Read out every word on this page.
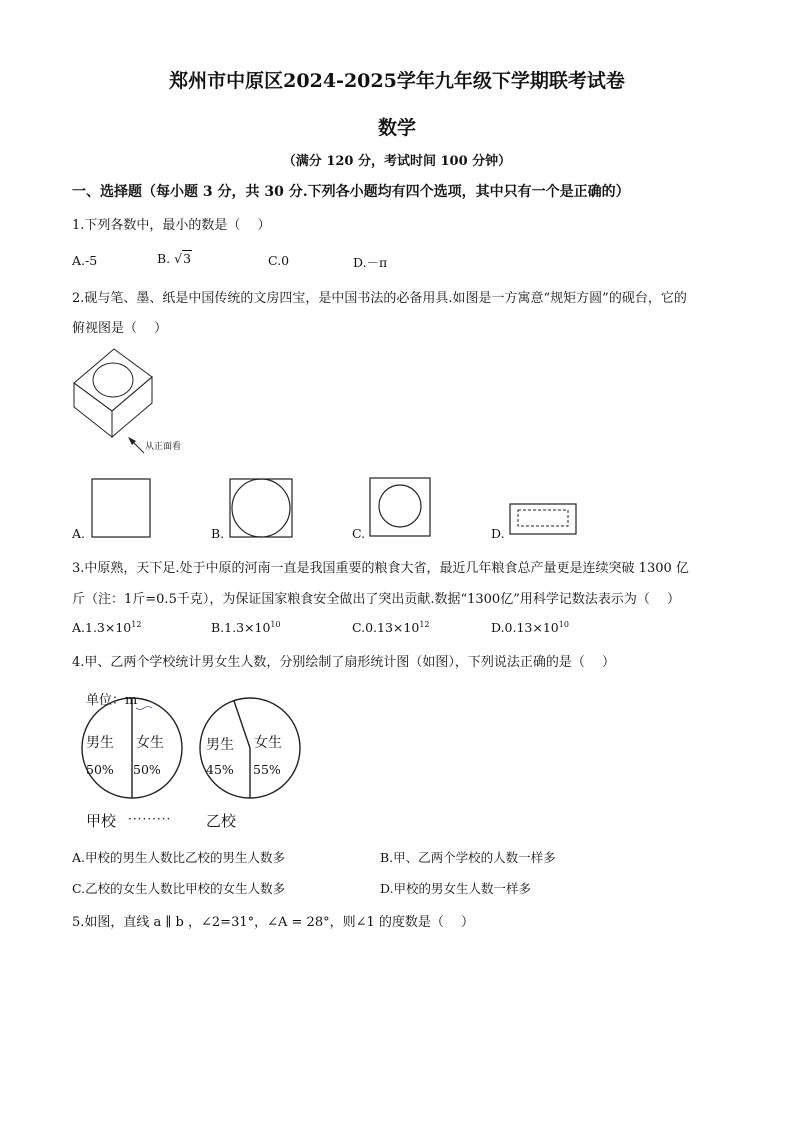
郑州市中原区2024-2025学年九年级下学期联考试卷
数学
（满分 120 分，考试时间 100 分钟）
一、选择题（每小题 3 分，共 30 分.下列各小题均有四个选项，其中只有一个是正确的）
1.下列各数中，最小的数是（　 ）
A.-5	B. √3	C.0	D.－π
2.砚与笔、墨、纸是中国传统的文房四宝，是中国书法的必备用具.如图是一方寓意“规矩方圆”的砚台，它的
俯视图是（　 ）
从正面看
A.	B.	C.	D.
3.中原熟，天下足.处于中原的河南一直是我国重要的粮食大省，最近几年粮食总产量更是连续突破 1300 亿
斤（注：1斤=0.5千克），为保证国家粮食安全做出了突出贡献.数据“1300亿”用科学记数法表示为（　 ）
$A.1.3\times 10^{12}$	$B.1.3\times 10^{10}$	$C.0.13\times 10^{12}$	$D.0.13\times 10^{10}$
4.甲、乙两个学校统计男女生人数，分别绘制了扇形统计图（如图），下列说法正确的是（　 ）
单位：m
男生 女生
50% 50%
男生 女生
45% 55%
甲校 ········· 乙校
A.甲校的男生人数比乙校的男生人数多	B.甲、乙两个学校的人数一样多
C.乙校的女生人数比甲校的女生人数多	D.甲校的男女生人数一样多
5.如图，直线 a ∥ b ，∠2=31°，∠A = 28°，则∠1 的度数是（　 ）
